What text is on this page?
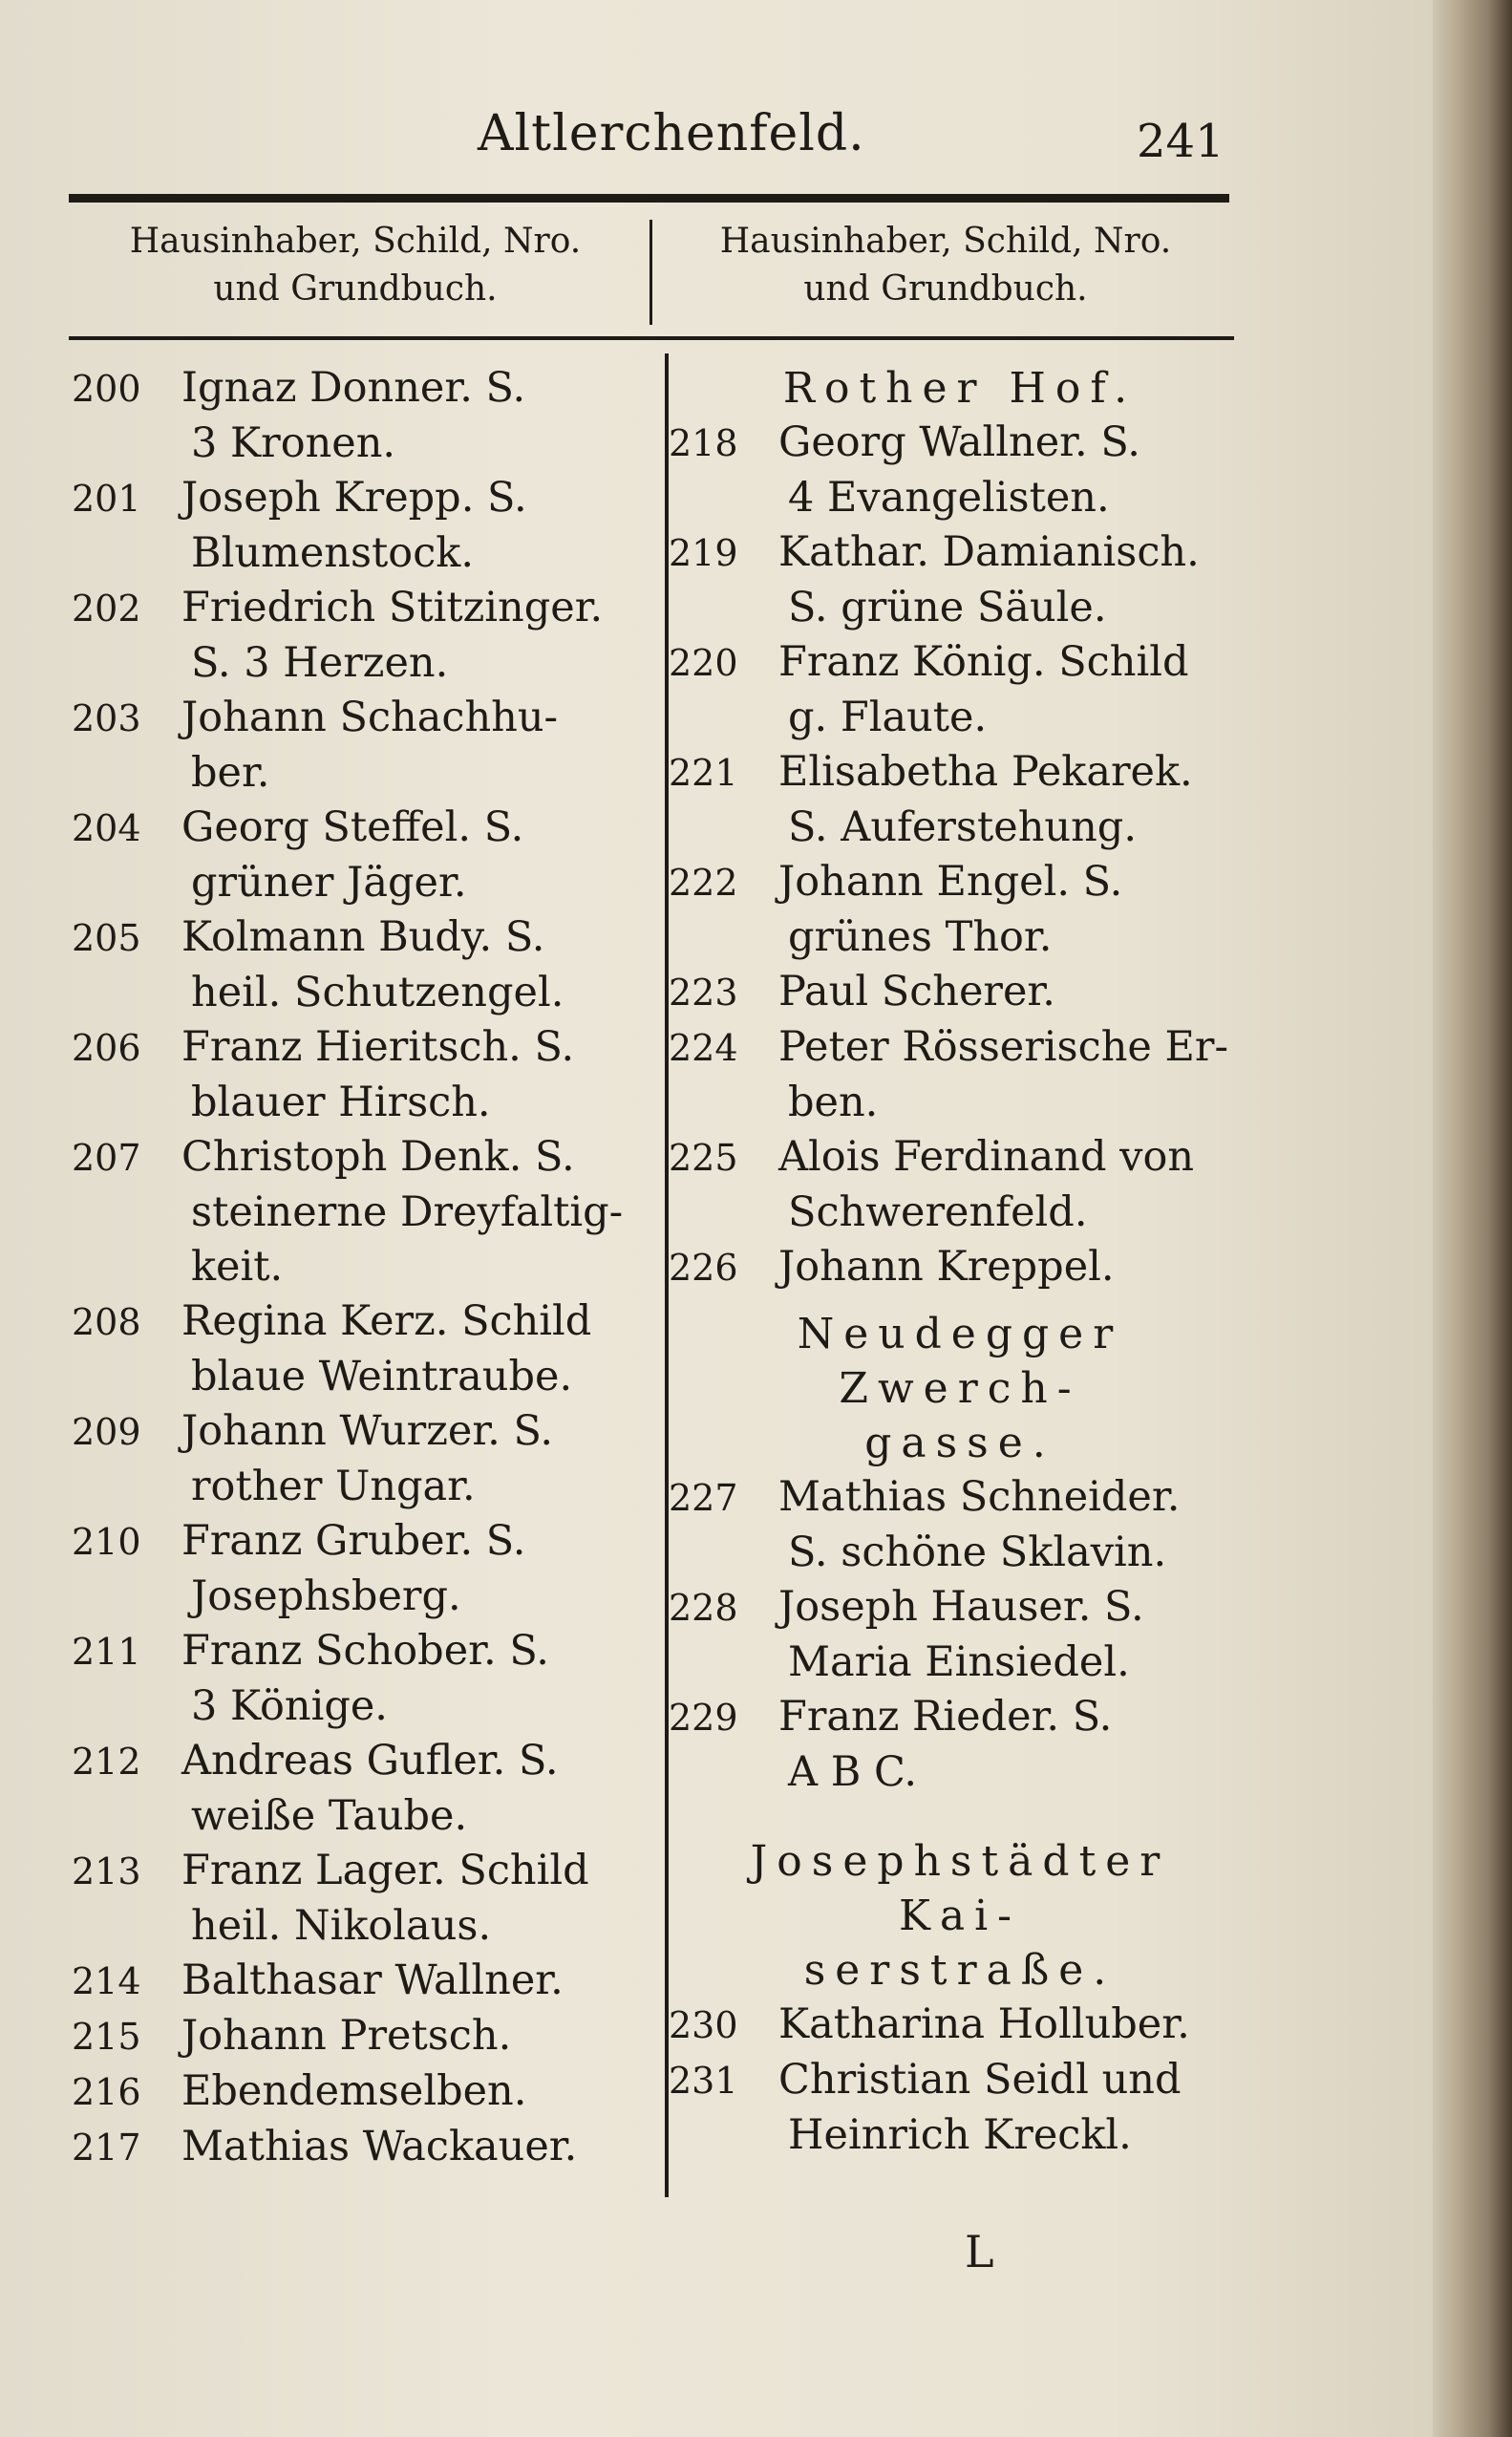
Altlerchenfeld.	241
Hausinhaber, Schild, Nro.
und Grundbuch.
Hausinhaber, Schild, Nro.
und Grundbuch.
200 Ignaz Donner. S.
3 Kronen.
201 Joseph Krepp. S.
Blumenstock.
202 Friedrich Stitzinger.
S. 3 Herzen.
203 Johann Schachhu-
ber.
204 Georg Steffel. S.
grüner Jäger.
205 Kolmann Budy. S.
heil. Schutzengel.
206 Franz Hieritsch. S.
blauer Hirsch.
207 Christoph Denk. S.
steinerne Dreyfaltig-
keit.
208 Regina Kerz. Schild
blaue Weintraube.
209 Johann Wurzer. S.
rother Ungar.
210 Franz Gruber. S.
Josephsberg.
211 Franz Schober. S.
3 Könige.
212 Andreas Gufler. S.
weiße Taube.
213 Franz Lager. Schild
heil. Nikolaus.
214 Balthasar Wallner.
215 Johann Pretsch.
216 Ebendemselben.
217 Mathias Wackauer.
Rother Hof.
218 Georg Wallner. S.
4 Evangelisten.
219 Kathar. Damianisch.
S. grüne Säule.
220 Franz König. Schild
g. Flaute.
221 Elisabetha Pekarek.
S. Auferstehung.
222 Johann Engel. S.
grünes Thor.
223 Paul Scherer.
224 Peter Rösserische Er-
ben.
225 Alois Ferdinand von
Schwerenfeld.
226 Johann Kreppel.
Neudegger Zwerch-
gasse.
227 Mathias Schneider.
S. schöne Sklavin.
228 Joseph Hauser. S.
Maria Einsiedel.
229 Franz Rieder. S.
A B C.
Josephstädter Kai-
serstraße.
230 Katharina Holluber.
231 Christian Seidl und
Heinrich Kreckl.
L
